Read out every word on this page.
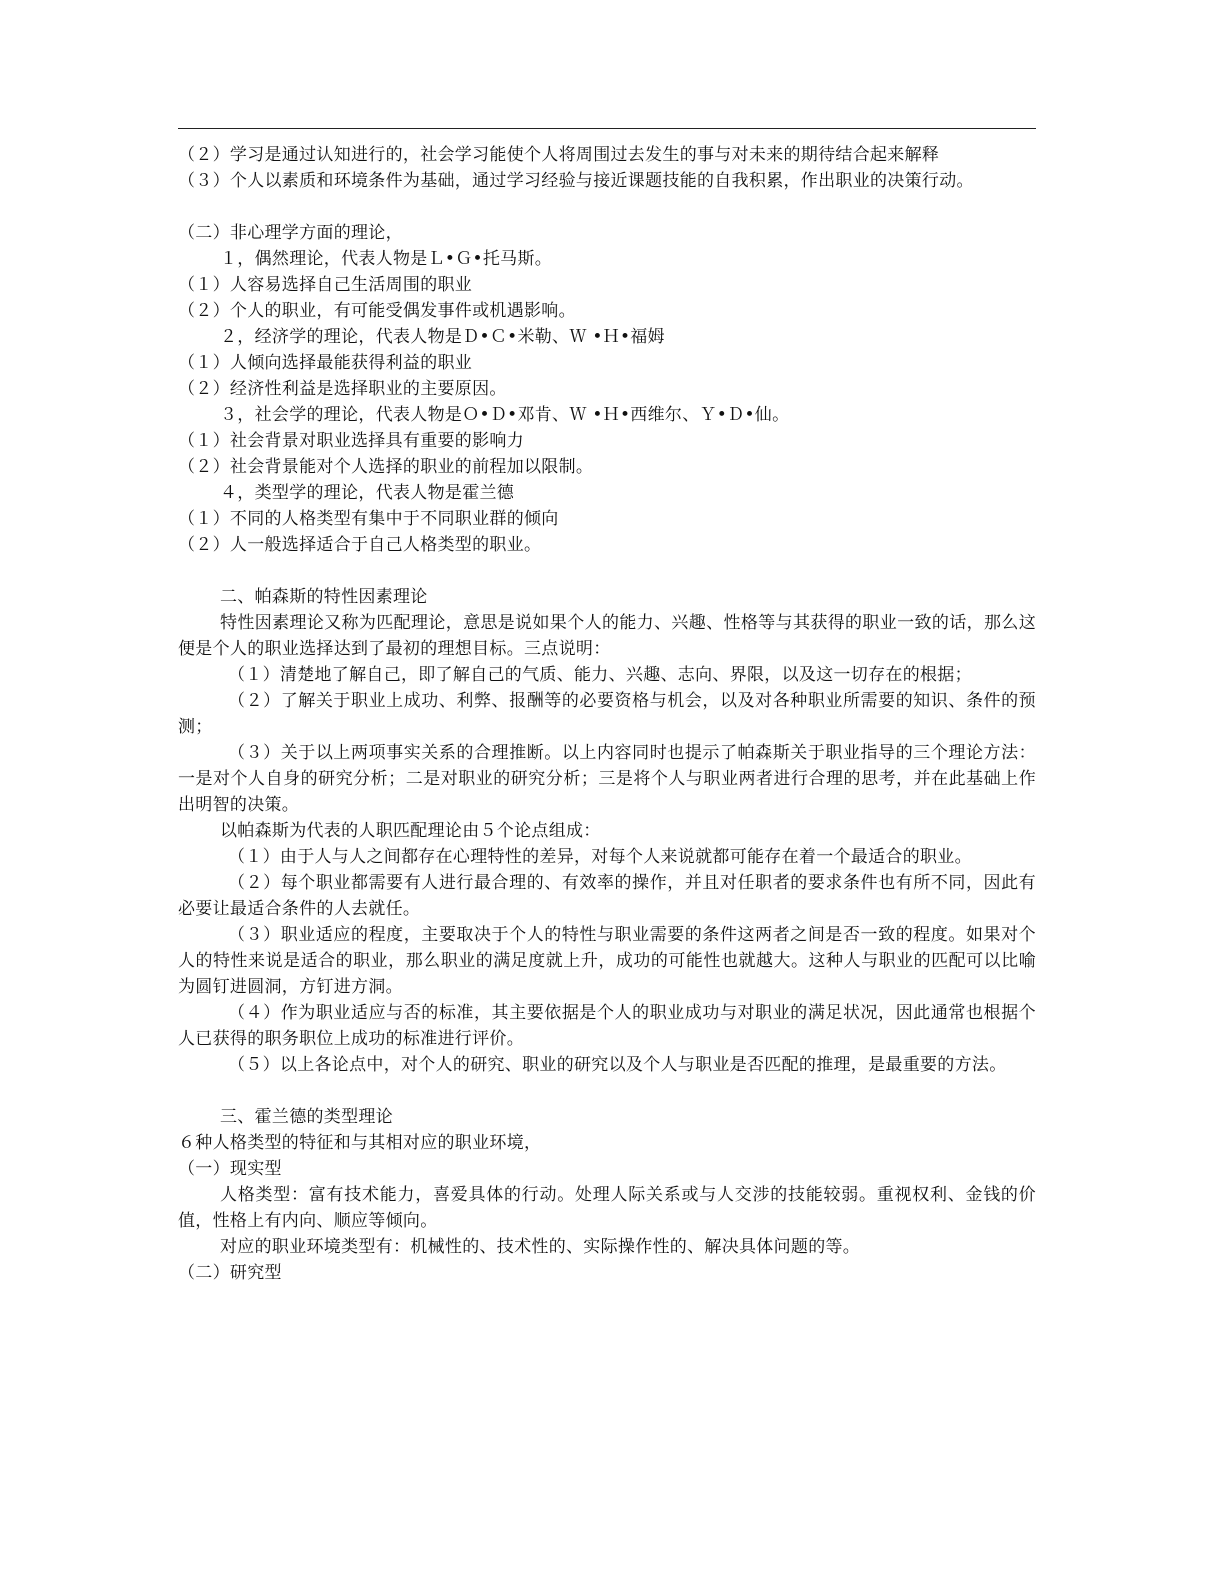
（２）学习是通过认知进行的，社会学习能使个人将周围过去发生的事与对未来的期待结合起来解释

（３）个人以素质和环境条件为基础，通过学习经验与接近课题技能的自我积累，作出职业的决策行动。

（二）非心理学方面的理论，

１，偶然理论，代表人物是Ｌ•Ｇ•托马斯。

（１）人容易选择自己生活周围的职业

（２）个人的职业，有可能受偶发事件或机遇影响。

２，经济学的理论，代表人物是Ｄ•Ｃ•米勒、Ｗ •Ｈ•福姆

（１）人倾向选择最能获得利益的职业

（２）经济性利益是选择职业的主要原因。

３，社会学的理论，代表人物是Ｏ•Ｄ•邓肯、Ｗ •Ｈ•西维尔、Ｙ•Ｄ•仙。

（１）社会背景对职业选择具有重要的影响力

（２）社会背景能对个人选择的职业的前程加以限制。

４，类型学的理论，代表人物是霍兰德

（１）不同的人格类型有集中于不同职业群的倾向

（２）人一般选择适合于自己人格类型的职业。

二、帕森斯的特性因素理论

特性因素理论又称为匹配理论，意思是说如果个人的能力、兴趣、性格等与其获得的职业一致的话，那么这便是个人的职业选择达到了最初的理想目标。三点说明：

（１）清楚地了解自己，即了解自己的气质、能力、兴趣、志向、界限，以及这一切存在的根据；

（２）了解关于职业上成功、利弊、报酬等的必要资格与机会，以及对各种职业所需要的知识、条件的预测；

（３）关于以上两项事实关系的合理推断。以上内容同时也提示了帕森斯关于职业指导的三个理论方法：一是对个人自身的研究分析；二是对职业的研究分析；三是将个人与职业两者进行合理的思考，并在此基础上作出明智的决策。

以帕森斯为代表的人职匹配理论由５个论点组成：

（１）由于人与人之间都存在心理特性的差异，对每个人来说就都可能存在着一个最适合的职业。

（２）每个职业都需要有人进行最合理的、有效率的操作，并且对任职者的要求条件也有所不同，因此有必要让最适合条件的人去就任。

（３）职业适应的程度，主要取决于个人的特性与职业需要的条件这两者之间是否一致的程度。如果对个人的特性来说是适合的职业，那么职业的满足度就上升，成功的可能性也就越大。这种人与职业的匹配可以比喻为圆钉进圆洞，方钉进方洞。

（４）作为职业适应与否的标准，其主要依据是个人的职业成功与对职业的满足状况，因此通常也根据个人已获得的职务职位上成功的标准进行评价。

（５）以上各论点中，对个人的研究、职业的研究以及个人与职业是否匹配的推理，是最重要的方法。

三、霍兰德的类型理论

６种人格类型的特征和与其相对应的职业环境，

（一）现实型

人格类型：富有技术能力，喜爱具体的行动。处理人际关系或与人交涉的技能较弱。重视权利、金钱的价值，性格上有内向、顺应等倾向。

对应的职业环境类型有：机械性的、技术性的、实际操作性的、解决具体问题的等。

（二）研究型
